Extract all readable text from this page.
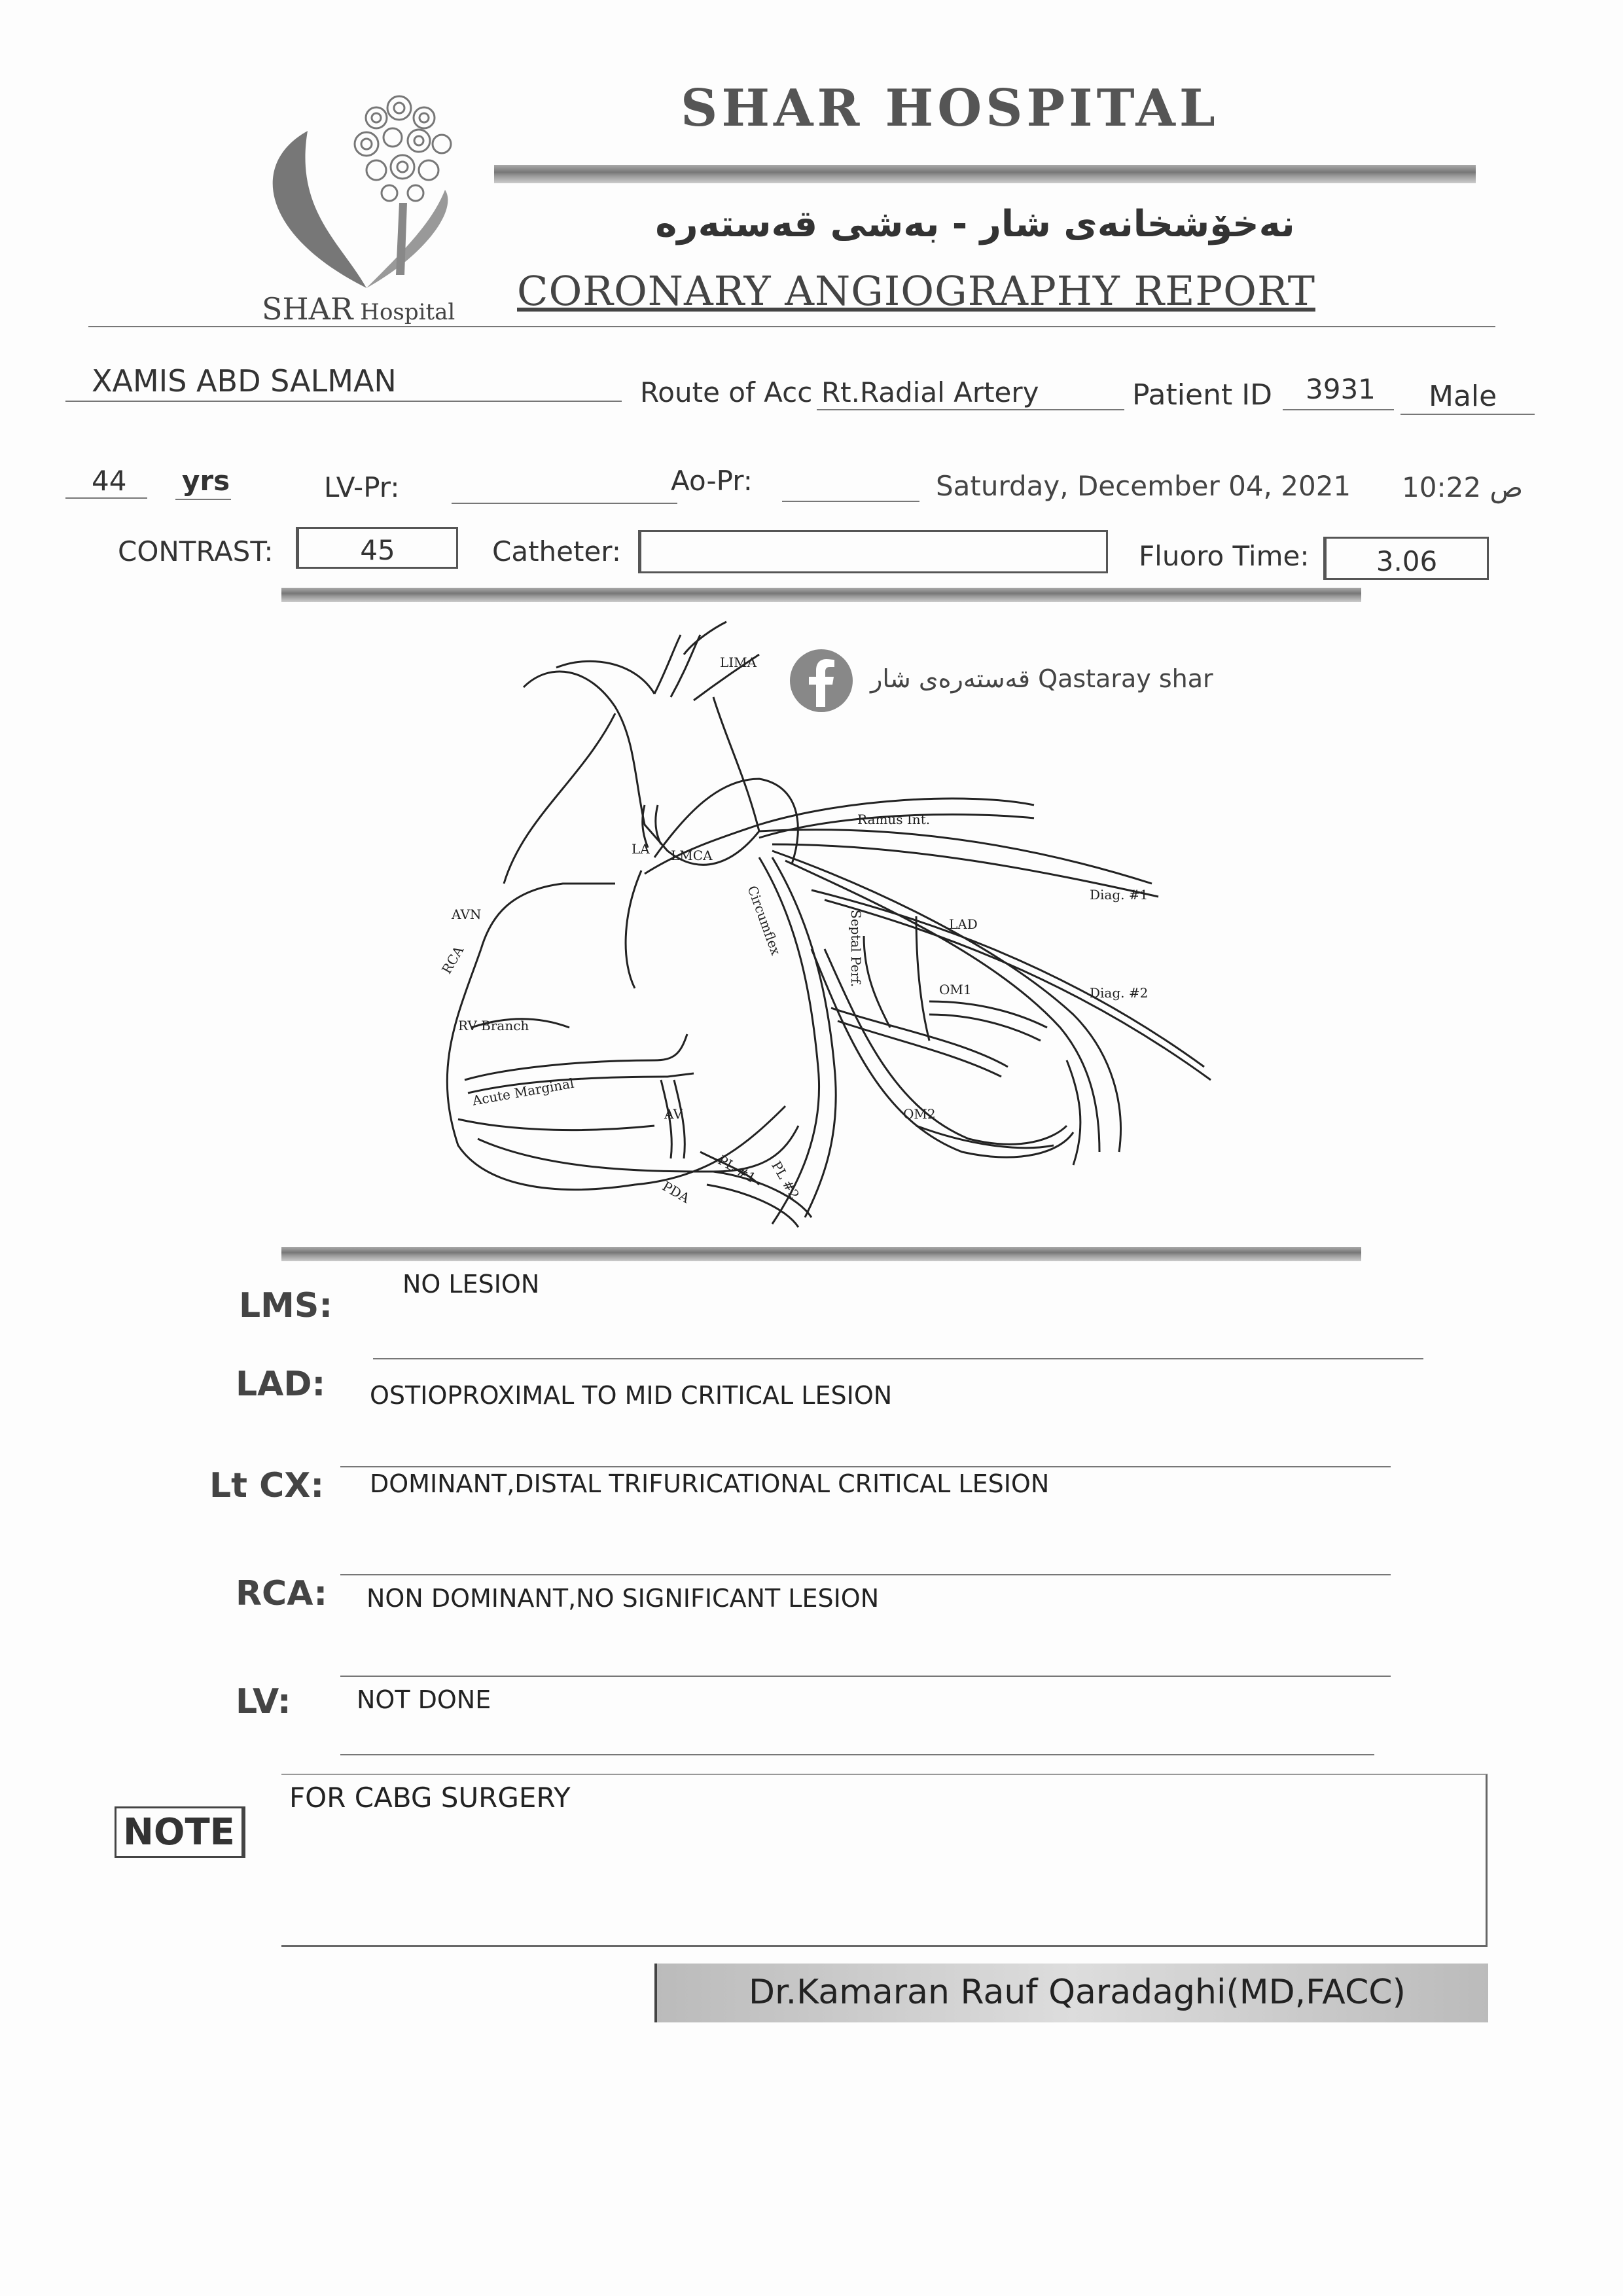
SHAR Hospital
SHAR HOSPITAL
نەخۆشخانەی شار - بەشی قەستەرە
CORONARY ANGIOGRAPHY REPORT
XAMIS ABD SALMAN	Route of Acc Rt.Radial Artery	Patient ID 3931 Male
44 yrs	LV-Pr:	Ao-Pr:	Saturday, December 04, 2021	ص 10:22
CONTRAST:	45	Catheter:	Fluoro Time:	3.06
قەستەرەی شار Qastaray shar
LIMA
LA LMCA
Ramus Int.
Diag. #1
LAD
AVN	Circumflex	Septal Perf.
OM1	Diag. #2
RCA
RV Branch
Acute Marginal
AV	OM2
PL #1 PL #2
PDA
LMS:
NO LESION
LAD: OSTIOPROXIMAL TO MID CRITICAL LESION
Lt CX: DOMINANT,DISTAL TRIFURICATIONAL CRITICAL LESION
RCA: NON DOMINANT,NO SIGNIFICANT LESION
LV:	NOT DONE
NOTE
FOR CABG SURGERY
Dr.Kamaran Rauf Qaradaghi(MD,FACC)
